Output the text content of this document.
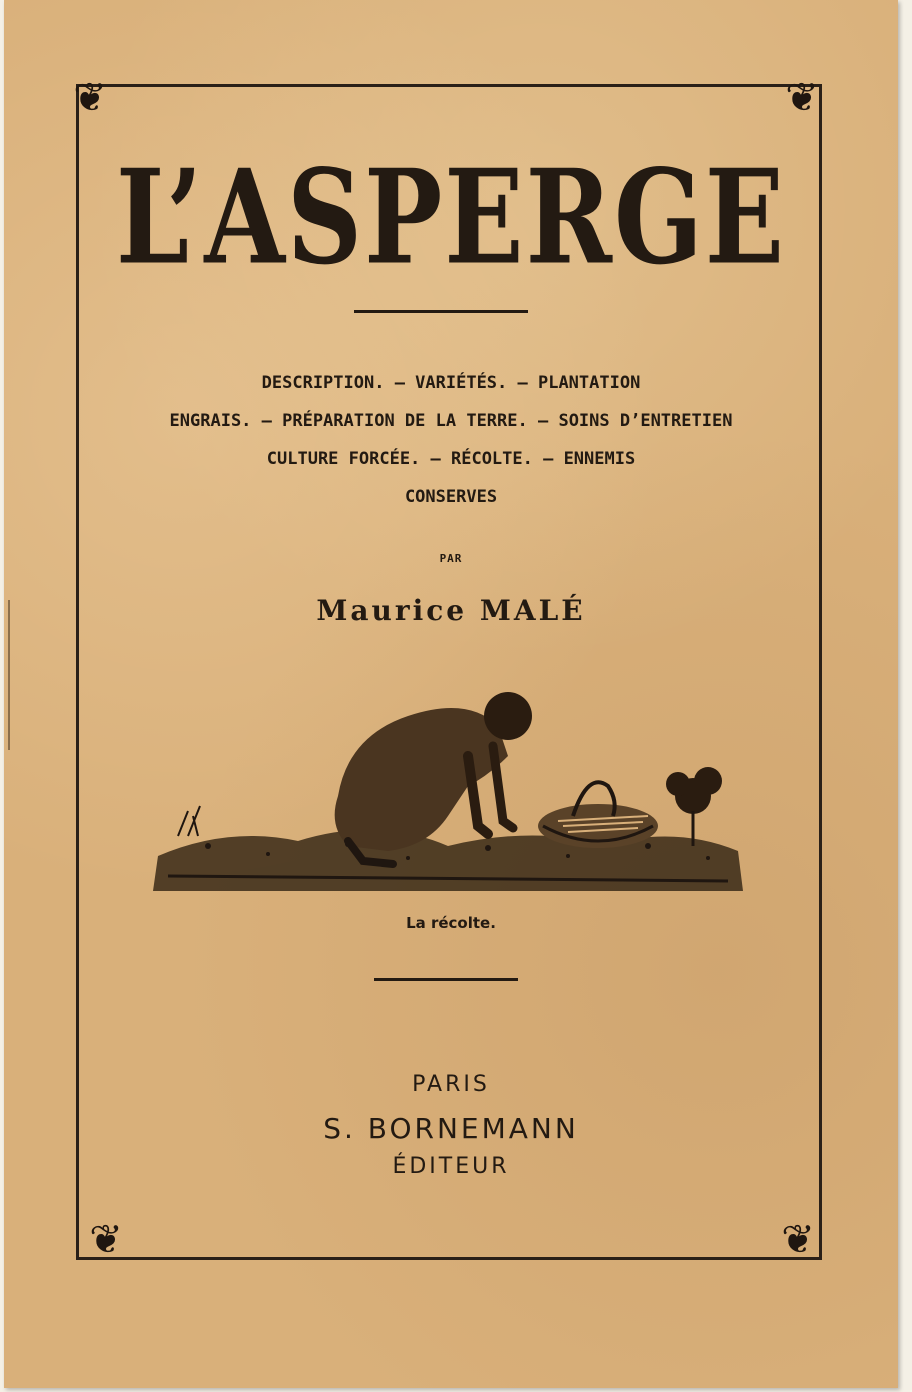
❦	❦
❦	❦
L’ASPERGE
DESCRIPTION. — VARIÉTÉS. — PLANTATION
ENGRAIS. — PRÉPARATION DE LA TERRE. — SOINS D’ENTRETIEN
CULTURE FORCÉE. — RÉCOLTE. — ENNEMIS
CONSERVES
PAR
Maurice MALÉ
La récolte.
PARIS
S. BORNEMANN
ÉDITEUR
